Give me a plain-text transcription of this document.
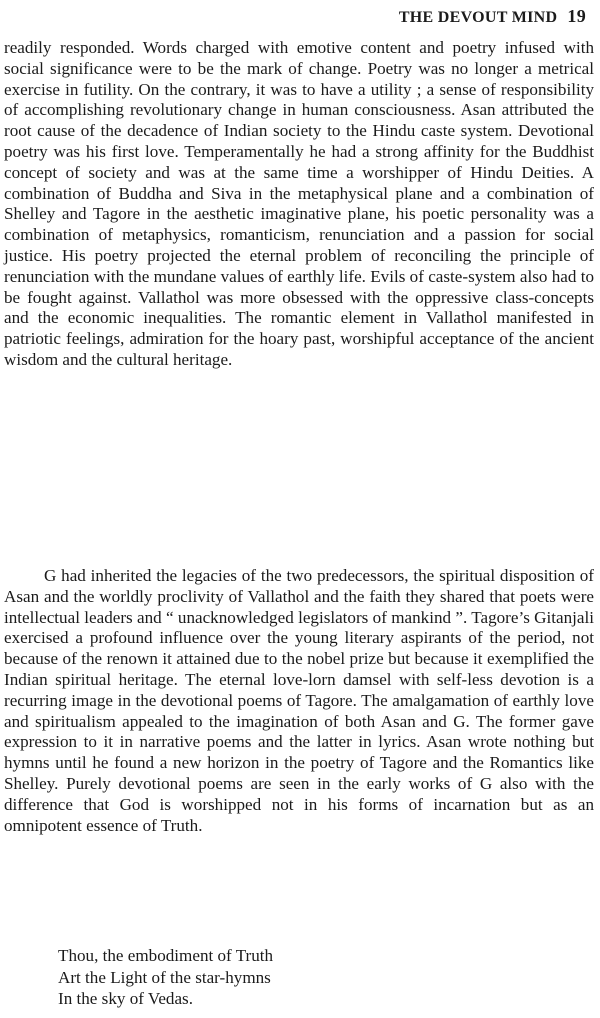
THE DEVOUT MIND 19

readily responded. Words charged with emotive content and poetry infused with social significance were to be the mark of change. Poetry was no longer a metrical exercise in futility. On the contrary, it was to have a utility ; a sense of responsibility of accomplishing revolutionary change in human consciousness. Asan attributed the root cause of the decadence of Indian society to the Hindu caste system. Devotional poetry was his first love. Temperamentally he had a strong affinity for the Buddhist concept of society and was at the same time a worshipper of Hindu Deities. A combination of Buddha and Siva in the metaphysical plane and a combination of Shelley and Tagore in the aesthetic imaginative plane, his poetic personality was a combination of metaphysics, romanticism, renunciation and a passion for social justice. His poetry projected the eternal problem of reconciling the principle of renunciation with the mundane values of earthly life. Evils of caste-system also had to be fought against. Vallathol was more obsessed with the oppressive class-concepts and the economic inequalities. The romantic element in Vallathol manifested in patriotic feelings, admiration for the hoary past, worshipful acceptance of the ancient wisdom and the cultural heritage.

G had inherited the legacies of the two predecessors, the spiritual disposition of Asan and the worldly proclivity of Vallathol and the faith they shared that poets were intellectual leaders and “ unacknowledged legislators of mankind ”. Tagore’s Gitanjali exercised a profound influence over the young literary aspirants of the period, not because of the renown it attained due to the nobel prize but because it exemplified the Indian spiritual heritage. The eternal love-lorn damsel with self-less devotion is a recurring image in the devotional poems of Tagore. The amalgamation of earthly love and spiritualism appealed to the imagination of both Asan and G. The former gave expression to it in narrative poems and the latter in lyrics. Asan wrote nothing but hymns until he found a new horizon in the poetry of Tagore and the Romantics like Shelley. Purely devotional poems are seen in the early works of G also with the difference that God is worshipped not in his forms of incarnation but as an omnipotent essence of Truth.

Thou, the embodiment of Truth
Art the Light of the star-hymns
In the sky of Vedas.
